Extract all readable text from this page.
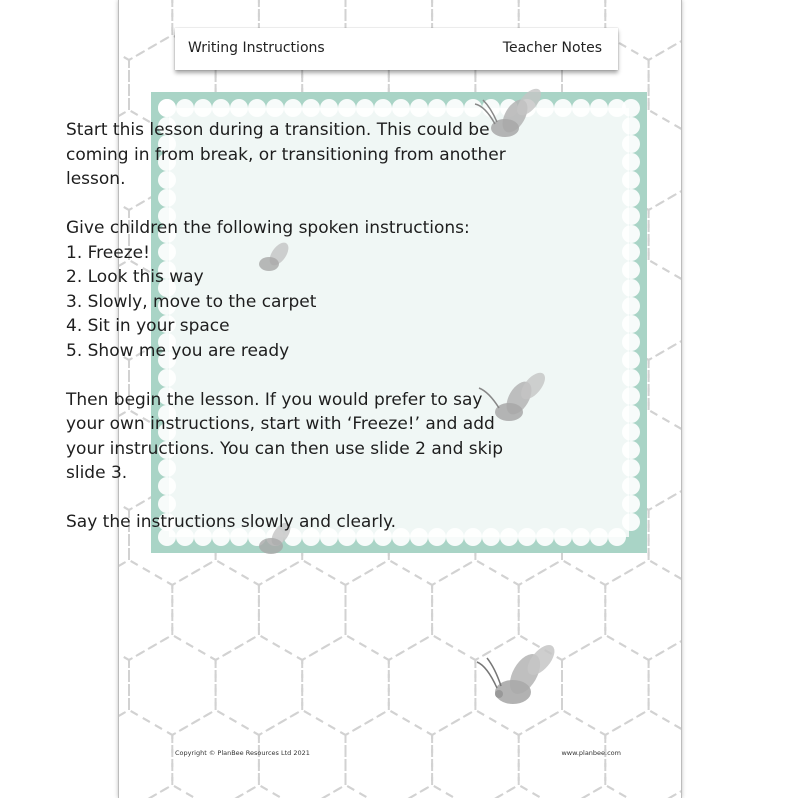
Writing Instructions	Teacher Notes
Copyright © PlanBee Resources Ltd 2021	www.planbee.com

Start this lesson during a transition. This could be coming in from break, or transitioning from another lesson.

Give children the following spoken instructions:
1. Freeze!
2. Look this way
3. Slowly, move to the carpet
4. Sit in your space
5. Show me you are ready

Then begin the lesson. If you would prefer to say your own instructions, start with ‘Freeze!’ and add your instructions. You can then use slide 2 and skip slide 3.

Say the instructions slowly and clearly.
